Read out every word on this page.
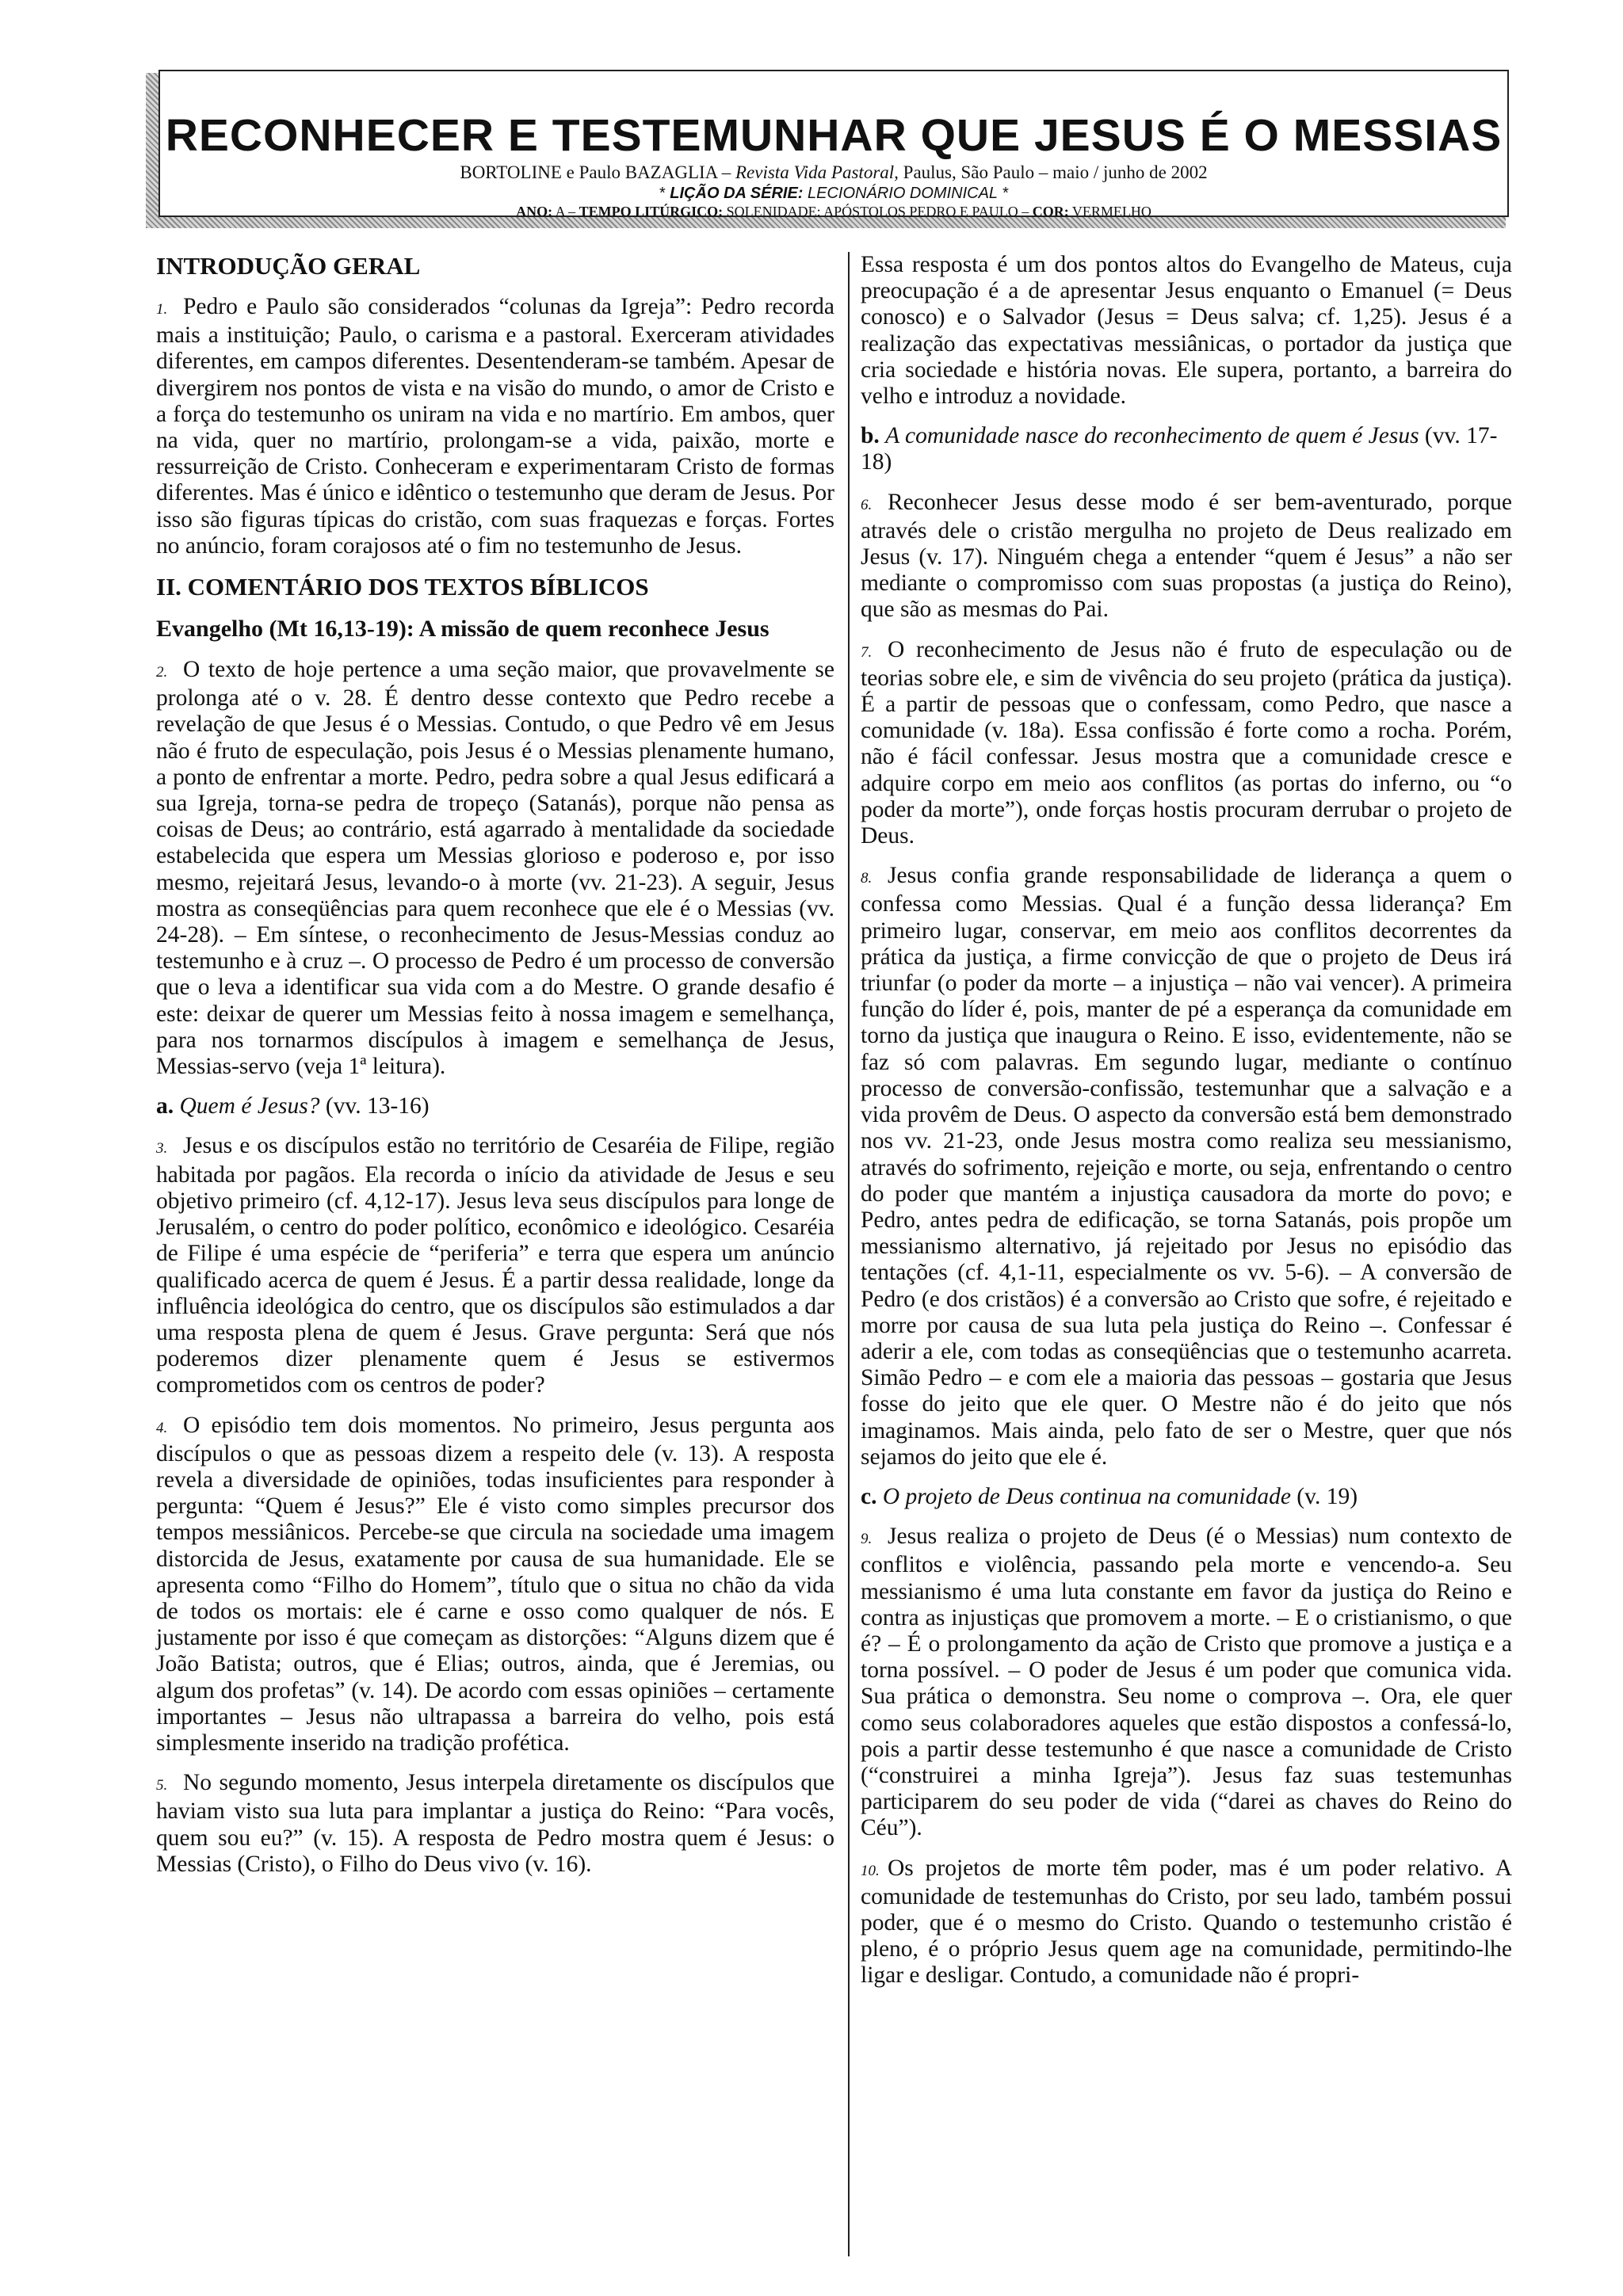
RECONHECER E TESTEMUNHAR QUE JESUS É O MESSIAS
BORTOLINE e Paulo BAZAGLIA – Revista Vida Pastoral, Paulus, São Paulo – maio / junho de 2002
* LIÇÃO DA SÉRIE: LECIONÁRIO DOMINICAL *
ANO: A – TEMPO LITÚRGICO: SOLENIDADE: APÓSTOLOS PEDRO E PAULO – COR: VERMELHO
INTRODUÇÃO GERAL

1. Pedro e Paulo são considerados “colunas da Igreja”: Pedro recorda mais a instituição; Paulo, o carisma e a pastoral. Exerceram atividades diferentes, em campos diferentes. Desentenderam-se também. Apesar de divergirem nos pontos de vista e na visão do mundo, o amor de Cristo e a força do testemunho os uniram na vida e no martírio. Em ambos, quer na vida, quer no martírio, prolongam-se a vida, paixão, morte e ressurreição de Cristo. Conheceram e experimentaram Cristo de formas diferentes. Mas é único e idêntico o testemunho que deram de Jesus. Por isso são figuras típicas do cristão, com suas fraquezas e forças. Fortes no anúncio, foram corajosos até o fim no testemunho de Jesus.

II. COMENTÁRIO DOS TEXTOS BÍBLICOS
Evangelho (Mt 16,13-19): A missão de quem reconhece Jesus

2. O texto de hoje pertence a uma seção maior, que provavelmente se prolonga até o v. 28. É dentro desse contexto que Pedro recebe a revelação de que Jesus é o Messias. Contudo, o que Pedro vê em Jesus não é fruto de especulação, pois Jesus é o Messias plenamente humano, a ponto de enfrentar a morte. Pedro, pedra sobre a qual Jesus edificará a sua Igreja, torna-se pedra de tropeço (Satanás), porque não pensa as coisas de Deus; ao contrário, está agarrado à mentalidade da sociedade estabelecida que espera um Messias glorioso e poderoso e, por isso mesmo, rejeitará Jesus, levando-o à morte (vv. 21-23). A seguir, Jesus mostra as conseqüências para quem reconhece que ele é o Messias (vv. 24-28). – Em síntese, o reconhecimento de Jesus-Messias conduz ao testemunho e à cruz –. O processo de Pedro é um processo de conversão que o leva a identificar sua vida com a do Mestre. O grande desafio é este: deixar de querer um Messias feito à nossa imagem e semelhança, para nos tornarmos discípulos à imagem e semelhança de Jesus, Messias-servo (veja 1ª leitura).

a. Quem é Jesus? (vv. 13-16)

3. Jesus e os discípulos estão no território de Cesaréia de Filipe, região habitada por pagãos. Ela recorda o início da atividade de Jesus e seu objetivo primeiro (cf. 4,12-17). Jesus leva seus discípulos para longe de Jerusalém, o centro do poder político, econômico e ideológico. Cesaréia de Filipe é uma espécie de “periferia” e terra que espera um anúncio qualificado acerca de quem é Jesus. É a partir dessa realidade, longe da influência ideológica do centro, que os discípulos são estimulados a dar uma resposta plena de quem é Jesus. Grave pergunta: Será que nós poderemos dizer plenamente quem é Jesus se estivermos comprometidos com os centros de poder?

4. O episódio tem dois momentos. No primeiro, Jesus pergunta aos discípulos o que as pessoas dizem a respeito dele (v. 13). A resposta revela a diversidade de opiniões, todas insuficientes para responder à pergunta: “Quem é Jesus?” Ele é visto como simples precursor dos tempos messiânicos. Percebe-se que circula na sociedade uma imagem distorcida de Jesus, exatamente por causa de sua humanidade. Ele se apresenta como “Filho do Homem”, título que o situa no chão da vida de todos os mortais: ele é carne e osso como qualquer de nós. E justamente por isso é que começam as distorções: “Alguns dizem que é João Batista; outros, que é Elias; outros, ainda, que é Jeremias, ou algum dos profetas” (v. 14). De acordo com essas opiniões – certamente importantes – Jesus não ultrapassa a barreira do velho, pois está simplesmente inserido na tradição profética.

5. No segundo momento, Jesus interpela diretamente os discípulos que haviam visto sua luta para implantar a justiça do Reino: “Para vocês, quem sou eu?” (v. 15). A resposta de Pedro mostra quem é Jesus: o Messias (Cristo), o Filho do Deus vivo (v. 16).

Essa resposta é um dos pontos altos do Evangelho de Mateus, cuja preocupação é a de apresentar Jesus enquanto o Emanuel (= Deus conosco) e o Salvador (Jesus = Deus salva; cf. 1,25). Jesus é a realização das expectativas messiânicas, o portador da justiça que cria sociedade e história novas. Ele supera, portanto, a barreira do velho e introduz a novidade.

b. A comunidade nasce do reconhecimento de quem é Jesus (vv. 17-18)

6. Reconhecer Jesus desse modo é ser bem-aventurado, porque através dele o cristão mergulha no projeto de Deus realizado em Jesus (v. 17). Ninguém chega a entender “quem é Jesus” a não ser mediante o compromisso com suas propostas (a justiça do Reino), que são as mesmas do Pai.

7. O reconhecimento de Jesus não é fruto de especulação ou de teorias sobre ele, e sim de vivência do seu projeto (prática da justiça). É a partir de pessoas que o confessam, como Pedro, que nasce a comunidade (v. 18a). Essa confissão é forte como a rocha. Porém, não é fácil confessar. Jesus mostra que a comunidade cresce e adquire corpo em meio aos conflitos (as portas do inferno, ou “o poder da morte”), onde forças hostis procuram derrubar o projeto de Deus.

8. Jesus confia grande responsabilidade de liderança a quem o confessa como Messias. Qual é a função dessa liderança? Em primeiro lugar, conservar, em meio aos conflitos decorrentes da prática da justiça, a firme convicção de que o projeto de Deus irá triunfar (o poder da morte – a injustiça – não vai vencer). A primeira função do líder é, pois, manter de pé a esperança da comunidade em torno da justiça que inaugura o Reino. E isso, evidentemente, não se faz só com palavras. Em segundo lugar, mediante o contínuo processo de conversão-confissão, testemunhar que a salvação e a vida provêm de Deus. O aspecto da conversão está bem demonstrado nos vv. 21-23, onde Jesus mostra como realiza seu messianismo, através do sofrimento, rejeição e morte, ou seja, enfrentando o centro do poder que mantém a injustiça causadora da morte do povo; e Pedro, antes pedra de edificação, se torna Satanás, pois propõe um messianismo alternativo, já rejeitado por Jesus no episódio das tentações (cf. 4,1-11, especialmente os vv. 5-6). – A conversão de Pedro (e dos cristãos) é a conversão ao Cristo que sofre, é rejeitado e morre por causa de sua luta pela justiça do Reino –. Confessar é aderir a ele, com todas as conseqüências que o testemunho acarreta. Simão Pedro – e com ele a maioria das pessoas – gostaria que Jesus fosse do jeito que ele quer. O Mestre não é do jeito que nós imaginamos. Mais ainda, pelo fato de ser o Mestre, quer que nós sejamos do jeito que ele é.

c. O projeto de Deus continua na comunidade (v. 19)

9. Jesus realiza o projeto de Deus (é o Messias) num contexto de conflitos e violência, passando pela morte e vencendo-a. Seu messianismo é uma luta constante em favor da justiça do Reino e contra as injustiças que promovem a morte. – E o cristianismo, o que é? – É o prolongamento da ação de Cristo que promove a justiça e a torna possível. – O poder de Jesus é um poder que comunica vida. Sua prática o demonstra. Seu nome o comprova –. Ora, ele quer como seus colaboradores aqueles que estão dispostos a confessá-lo, pois a partir desse testemunho é que nasce a comunidade de Cristo (“construirei a minha Igreja”). Jesus faz suas testemunhas participarem do seu poder de vida (“darei as chaves do Reino do Céu”).

10. Os projetos de morte têm poder, mas é um poder relativo. A comunidade de testemunhas do Cristo, por seu lado, também possui poder, que é o mesmo do Cristo. Quando o testemunho cristão é pleno, é o próprio Jesus quem age na comunidade, permitindo-lhe ligar e desligar. Contudo, a comunidade não é propri-
